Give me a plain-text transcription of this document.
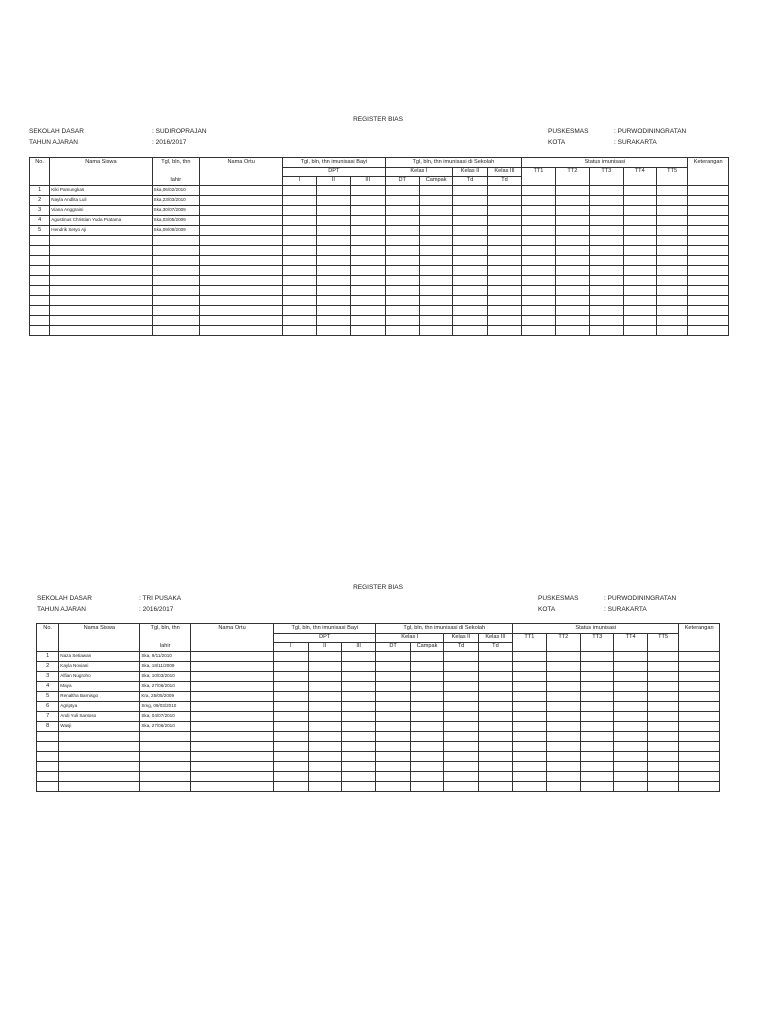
REGISTER BIAS
SEKOLAH DASAR	: SUDIROPRAJAN
TAHUN AJARAN	: 2016/2017
PUSKESMAS	: PURWODININGRATAN
KOTA	: SURAKARTA
No.	Nama Siswa	Tgl, bln, thn	Nama Ortu	Tgl, bln, thn imunisasi Bayi			Tgl, bln, thn imunisasi di Sekolah				Status imunisasi					Keterangan
				DPT			Kelas I		Kelas II	Kelas III	TT1	TT2	TT3	TT4	TT5	
		lahir		I	II	III	DT	Campak	Td	Td						
1	Kiki Pamungkas	Ska,06/02/2010														
2	Nayla Andlita Luli	Ska,23/03/2010														
3	Viana Anggraini	Ska,30/07/2009														
4	Agustinus Christian Yuda Pratama	Ska,03/05/2009														
5	Hendrik Setyo Aji	Ska,09/08/2009														

REGISTER BIAS
SEKOLAH DASAR	: TRI PUSAKA
TAHUN AJARAN	: 2016/2017
PUSKESMAS	: PURWODININGRATAN
KOTA	: SURAKARTA
No.	Nama Siswa	Tgl, bln, thn	Nama Ortu	Tgl, bln, thn imunisasi Bayi			Tgl, bln, thn imunisasi di Sekolah				Status imunisasi					Keterangan
				DPT			Kelas I		Kelas II	Kelas III	TT1	TT2	TT3	TT4	TT5	
		lahir		I	II	III	DT	Campak	Td	Td						
1	Naza Setiawan	Ska, 9/11/2010														
2	Kayla Noviani	Ska, 18/11/2009														
3	Alfian Nugroho	Ska, 10/03/2010														
4	Maya	Ska, 27/06/2010														
5	Renaltha Barnisgo	Kra, 25/05/2009														
6	Agriptya	Smg, 09/03/2010														
7	Andi Yuli Santoso	Ska, 04/07/2010														
8	Wasji	Ska, 27/06/2010														
